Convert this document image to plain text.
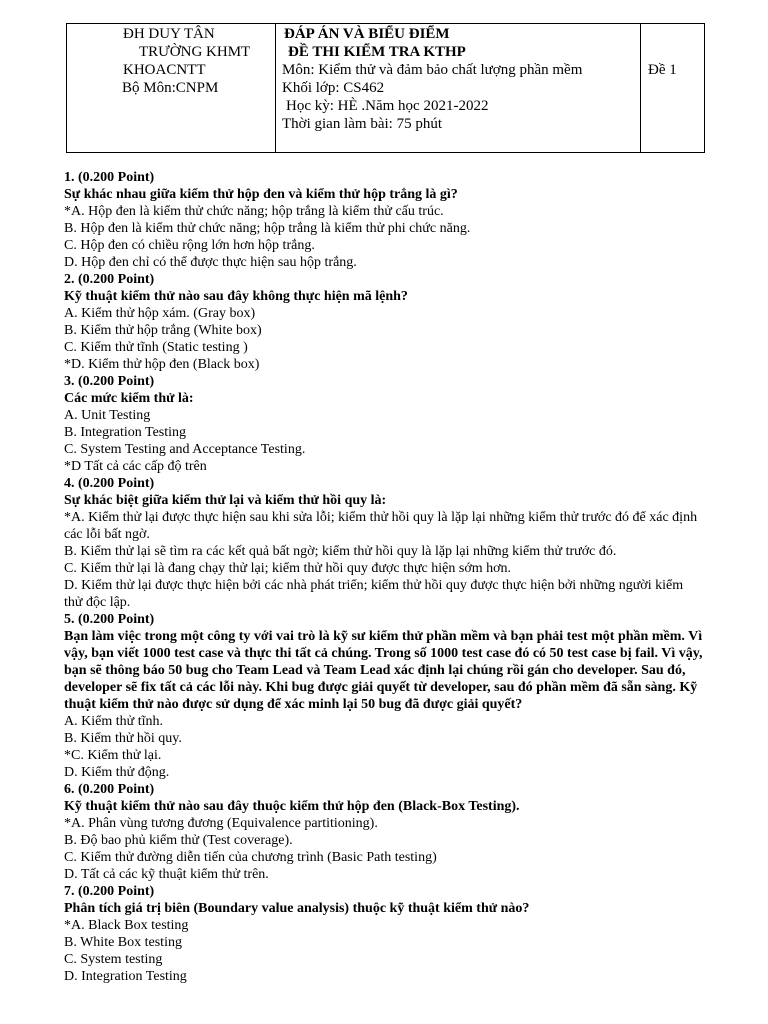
ĐH DUY TÂN
TRƯỜNG KHMT
KHOACNTT
Bộ Môn:CNPM

ĐÁP ÁN VÀ BIỂU ĐIỂM
ĐỀ THI KIỂM TRA KTHP
Môn: Kiểm thử và đảm bảo chất lượng phần mềm
Khối lớp: CS462
Học kỳ: HÈ .Năm học 2021-2022
Thời gian làm bài: 75 phút

Đề 1
1. (0.200 Point)
Sự khác nhau giữa kiểm thử hộp đen và kiểm thử hộp trắng là gì?
*A. Hộp đen là kiểm thử chức năng; hộp trắng là kiểm thử cấu trúc.
B. Hộp đen là kiểm thử chức năng; hộp trắng là kiểm thử phi chức năng.
C. Hộp đen có chiều rộng lớn hơn hộp trắng.
D. Hộp đen chỉ có thể được thực hiện sau hộp trắng.
2. (0.200 Point)
Kỹ thuật kiểm thử nào sau đây không thực hiện mã lệnh?
A. Kiểm thử hộp xám. (Gray box)
B. Kiểm thử hộp trắng (White box)
C. Kiểm thử tĩnh (Static testing )
*D. Kiểm thử hộp đen (Black box)
3. (0.200 Point)
Các mức kiểm thử là:
A. Unit Testing
B. Integration Testing
C. System Testing and Acceptance Testing.
*D Tất cả các cấp độ trên
4. (0.200 Point)
Sự khác biệt giữa kiểm thử lại và kiểm thử hồi quy là:
*A. Kiểm thử lại được thực hiện sau khi sửa lỗi; kiểm thử hồi quy là lặp lại những kiểm thử trước đó để xác định các lỗi bất ngờ.
B. Kiểm thử lại sẽ tìm ra các kết quả bất ngờ; kiểm thử hồi quy là lặp lại những kiểm thử trước đó.
C. Kiểm thử lại là đang chạy thử lại; kiểm thử hồi quy được thực hiện sớm hơn.
D. Kiểm thử lại được thực hiện bởi các nhà phát triển; kiểm thử hồi quy được thực hiện bởi những người kiểm thử độc lập.
5. (0.200 Point)
Bạn làm việc trong một công ty với vai trò là kỹ sư kiểm thử phần mềm và bạn phải test một phần mềm. Vì vậy, bạn viết 1000 test case và thực thi tất cả chúng. Trong số 1000 test case đó có 50 test case bị fail. Vì vậy, bạn sẽ thông báo 50 bug cho Team Lead và Team Lead xác định lại chúng rồi gán cho developer. Sau đó, developer sẽ fix tất cả các lỗi này. Khi bug được giải quyết từ developer, sau đó phần mềm đã sẵn sàng. Kỹ thuật kiểm thử nào được sử dụng để xác minh lại 50 bug đã được giải quyết?
A. Kiểm thử tĩnh.
B. Kiểm thử hồi quy.
*C. Kiểm thử lại.
D. Kiểm thử động.
6. (0.200 Point)
Kỹ thuật kiểm thử nào sau đây thuộc kiểm thử hộp đen (Black-Box Testing).
*A. Phân vùng tương đương (Equivalence partitioning).
B. Độ bao phủ kiểm thử (Test coverage).
C. Kiểm thử đường diễn tiến của chương trình (Basic Path testing)
D. Tất cả các kỹ thuật kiểm thử trên.
7. (0.200 Point)
Phân tích giá trị biên (Boundary value analysis) thuộc kỹ thuật kiểm thử nào?
*A. Black Box testing
B. White Box testing
C. System testing
D. Integration Testing
